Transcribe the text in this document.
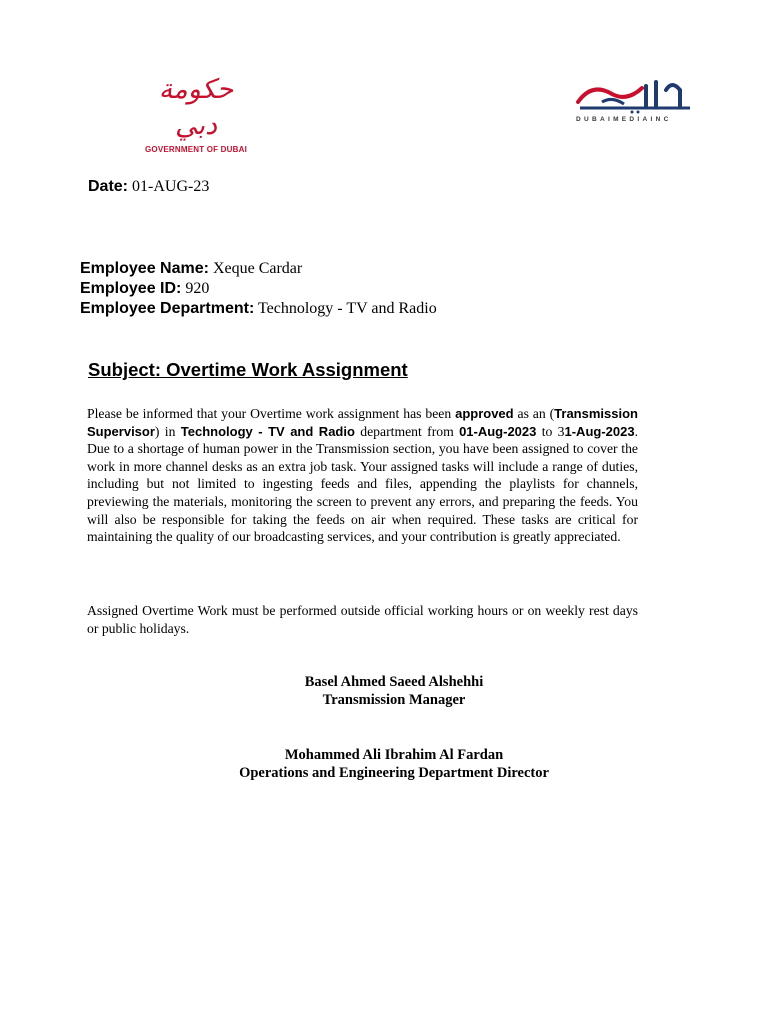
حكومة دبي
GOVERNMENT OF DUBAI
DUBAIMEDIAINC
Date: 01-AUG-23
Employee Name: Xeque Cardar
Employee ID: 920
Employee Department: Technology - TV and Radio
Subject: Overtime Work Assignment

Please be informed that your Overtime work assignment has been approved as an (Transmission Supervisor) in Technology - TV and Radio department from 01-Aug-2023 to 31-Aug-2023. Due to a shortage of human power in the Transmission section, you have been assigned to cover the work in more channel desks as an extra job task. Your assigned tasks will include a range of duties, including but not limited to ingesting feeds and files, appending the playlists for channels, previewing the materials, monitoring the screen to prevent any errors, and preparing the feeds. You will also be responsible for taking the feeds on air when required. These tasks are critical for maintaining the quality of our broadcasting services, and your contribution is greatly appreciated.

Assigned Overtime Work must be performed outside official working hours or on weekly rest days or public holidays.

Basel Ahmed Saeed Alshehhi
Transmission Manager
Mohammed Ali Ibrahim Al Fardan
Operations and Engineering Department Director
